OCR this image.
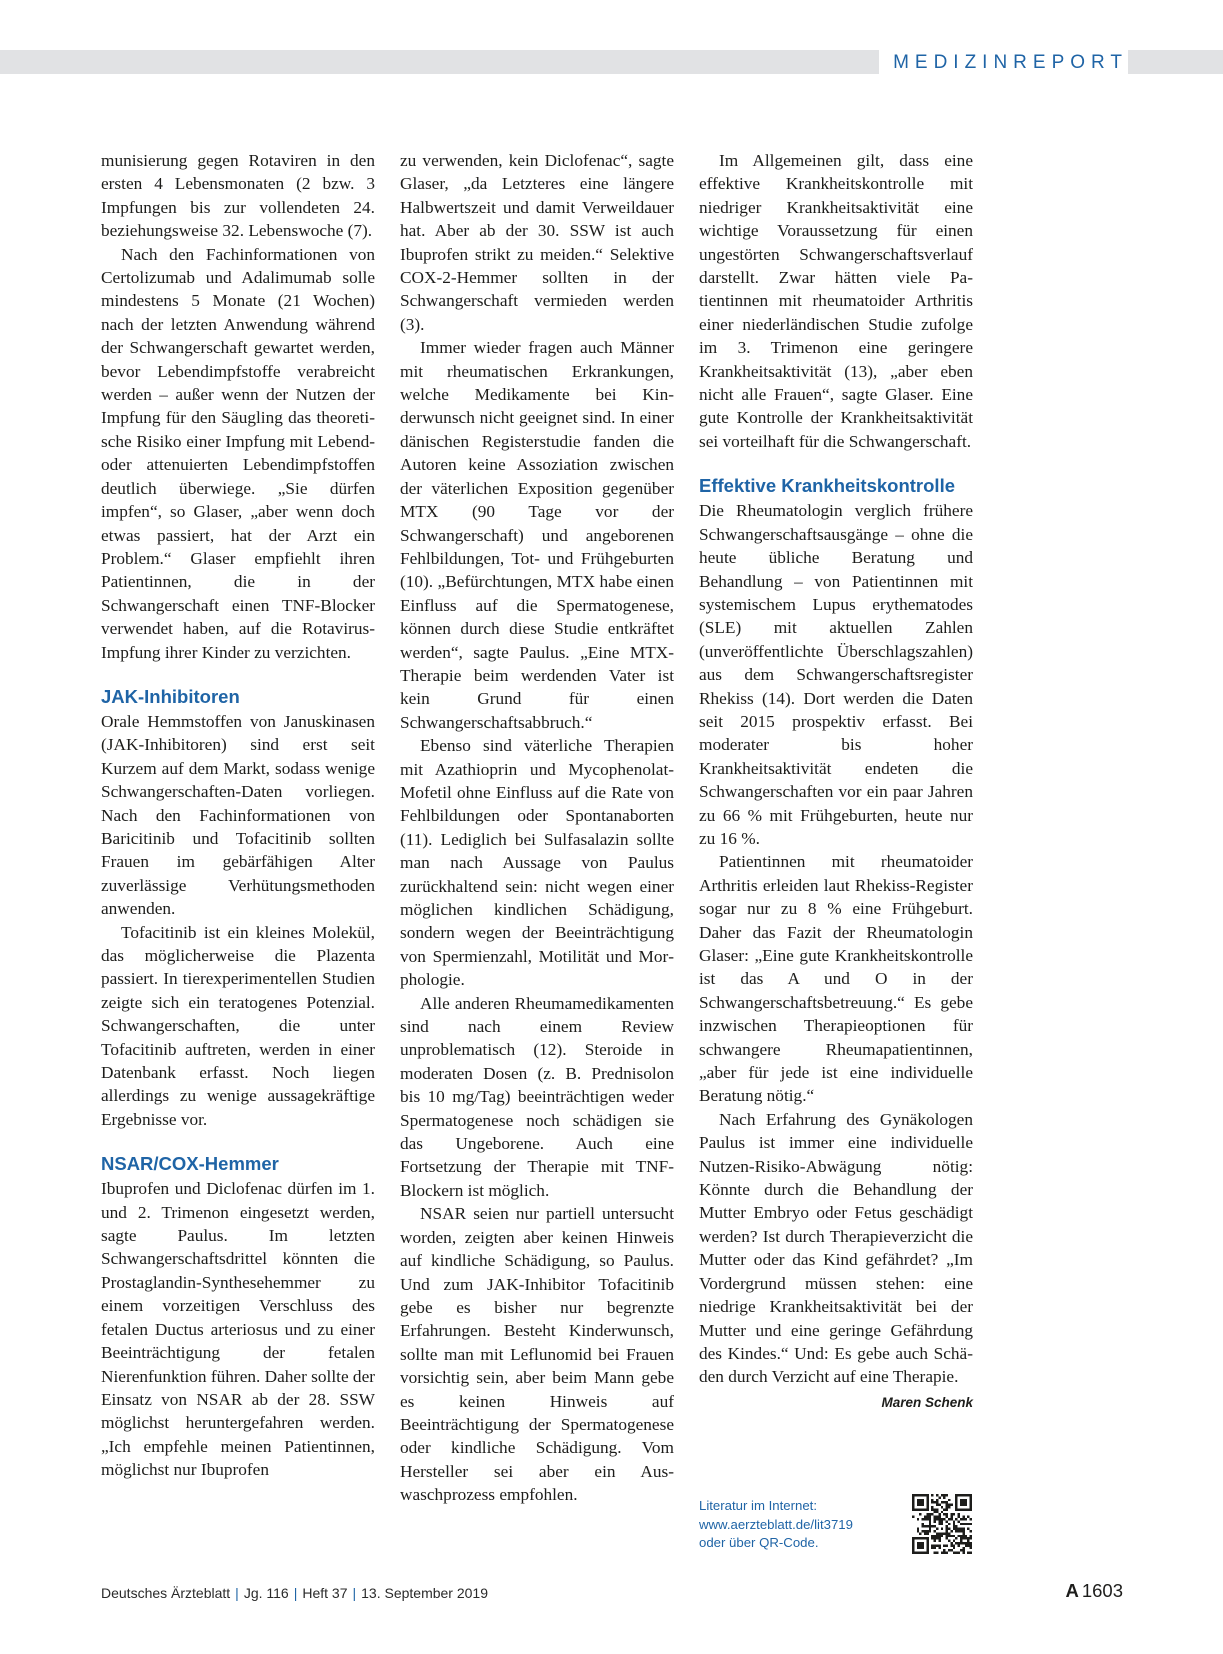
MEDIZINREPORT

munisierung gegen Rotaviren in den ersten 4 Lebensmonaten (2 bzw. 3 Impfungen bis zur vollendeten 24. beziehungsweise 32. Lebenswoche (7).

Nach den Fachinformationen von Certolizumab und Adalimumab solle mindestens 5 Monate (21 Wochen) nach der letzten Anwendung während der Schwangerschaft gewartet werden, bevor Lebendimpfstoffe verabreicht werden – außer wenn der Nutzen der Impfung für den Säugling das theoretische Risiko einer Impfung mit Lebend- oder attenuierten Lebendimpfstoffen deutlich überwiege. „Sie dürfen impfen“, so Glaser, „aber wenn doch etwas passiert, hat der Arzt ein Problem.“ Glaser empfiehlt ihren Patientinnen, die in der Schwangerschaft einen TNF-Blocker verwendet haben, auf die Rotavirus-Impfung ihrer Kinder zu verzichten.

JAK-Inhibitoren

Orale Hemmstoffen von Januskinasen (JAK-Inhibitoren) sind erst seit Kurzem auf dem Markt, sodass wenige Schwangerschaften-Daten vorliegen. Nach den Fachinformationen von Baricitinib und Tofacitinib sollten Frauen im gebärfähigen Alter zuverlässige Verhütungsmethoden anwenden.

Tofacitinib ist ein kleines Molekül, das möglicherweise die Plazenta passiert. In tierexperimentellen Studien zeigte sich ein teratogenes Potenzial. Schwangerschaften, die unter Tofacitinib auftreten, werden in einer Datenbank erfasst. Noch liegen allerdings zu wenige aussagekräftige Ergebnisse vor.

NSAR/COX-Hemmer

Ibuprofen und Diclofenac dürfen im 1. und 2. Trimenon eingesetzt werden, sagte Paulus. Im letzten Schwangerschaftsdrittel könnten die Prostaglandin-Synthesehemmer zu einem vorzeitigen Verschluss des fetalen Ductus arteriosus und zu einer Beeinträchtigung der fetalen Nierenfunktion führen. Daher sollte der Einsatz von NSAR ab der 28. SSW möglichst heruntergefahren werden. „Ich empfehle meinen Patientinnen, möglichst nur Ibuprofen

zu verwenden, kein Diclofenac“, sagte Glaser, „da Letzteres eine längere Halbwertszeit und damit Verweildauer hat. Aber ab der 30. SSW ist auch Ibuprofen strikt zu meiden.“ Selektive COX-2-Hemmer sollten in der Schwangerschaft vermieden werden (3).

Immer wieder fragen auch Männer mit rheumatischen Erkrankungen, welche Medikamente bei Kinderwunsch nicht geeignet sind. In einer dänischen Registerstudie fanden die Autoren keine Assoziation zwischen der väterlichen Exposition gegenüber MTX (90 Tage vor der Schwangerschaft) und angeborenen Fehlbildungen, Tot- und Frühgeburten (10). „Befürchtungen, MTX habe einen Einfluss auf die Spermatogenese, können durch diese Studie entkräftet werden“, sagte Paulus. „Eine MTX-Therapie beim werdenden Vater ist kein Grund für einen Schwangerschaftsabbruch.“

Ebenso sind väterliche Therapien mit Azathioprin und Mycophenolat-Mofetil ohne Einfluss auf die Rate von Fehlbildungen oder Spontanaborten (11). Lediglich bei Sulfasalazin sollte man nach Aussage von Paulus zurückhaltend sein: nicht wegen einer möglichen kindlichen Schädigung, sondern wegen der Beeinträchtigung von Spermienzahl, Motilität und Morphologie.

Alle anderen Rheumamedikamenten sind nach einem Review unproblematisch (12). Steroide in moderaten Dosen (z. B. Prednisolon bis 10 mg/Tag) beeinträchtigen weder Spermatogenese noch schädigen sie das Ungeborene. Auch eine Fortsetzung der Therapie mit TNF-Blockern ist möglich.

NSAR seien nur partiell untersucht worden, zeigten aber keinen Hinweis auf kindliche Schädigung, so Paulus. Und zum JAK-Inhibitor Tofacitinib gebe es bisher nur begrenzte Erfahrungen. Besteht Kinderwunsch, sollte man mit Leflunomid bei Frauen vorsichtig sein, aber beim Mann gebe es keinen Hinweis auf Beeinträchtigung der Spermatogenese oder kindliche Schädigung. Vom Hersteller sei aber ein Auswaschprozess empfohlen.

Im Allgemeinen gilt, dass eine effektive Krankheitskontrolle mit niedriger Krankheitsaktivität eine wichtige Voraussetzung für einen ungestörten Schwangerschaftsverlauf darstellt. Zwar hätten viele Patientinnen mit rheumatoider Arthritis einer niederländischen Studie zufolge im 3. Trimenon eine geringere Krankheitsaktivität (13), „aber eben nicht alle Frauen“, sagte Glaser. Eine gute Kontrolle der Krankheitsaktivität sei vorteilhaft für die Schwangerschaft.

Effektive Krankheitskontrolle

Die Rheumatologin verglich frühere Schwangerschaftsausgänge – ohne die heute übliche Beratung und Behandlung – von Patientinnen mit systemischem Lupus erythematodes (SLE) mit aktuellen Zahlen (unveröffentlichte Überschlagszahlen) aus dem Schwangerschaftsregister Rhekiss (14). Dort werden die Daten seit 2015 prospektiv erfasst. Bei moderater bis hoher Krankheitsaktivität endeten die Schwangerschaften vor ein paar Jahren zu 66 % mit Frühgeburten, heute nur zu 16 %.

Patientinnen mit rheumatoider Arthritis erleiden laut Rhekiss-Register sogar nur zu 8 % eine Frühgeburt. Daher das Fazit der Rheumatologin Glaser: „Eine gute Krankheitskontrolle ist das A und O in der Schwangerschaftsbetreuung.“ Es gebe inzwischen Therapieoptionen für schwangere Rheumapatientinnen, „aber für jede ist eine individuelle Beratung nötig.“

Nach Erfahrung des Gynäkologen Paulus ist immer eine individuelle Nutzen-Risiko-Abwägung nötig: Könnte durch die Behandlung der Mutter Embryo oder Fetus geschädigt werden? Ist durch Therapieverzicht die Mutter oder das Kind gefährdet? „Im Vordergrund müssen stehen: eine niedrige Krankheitsaktivität bei der Mutter und eine geringe Gefährdung des Kindes.“ Und: Es gebe auch Schäden durch Verzicht auf eine Therapie.
Maren Schenk

Literatur im Internet:
www.aerzteblatt.de/lit3719
oder über QR-Code.
Deutsches Ärzteblatt | Jg. 116 | Heft 37 | 13. September 2019	A 1603
